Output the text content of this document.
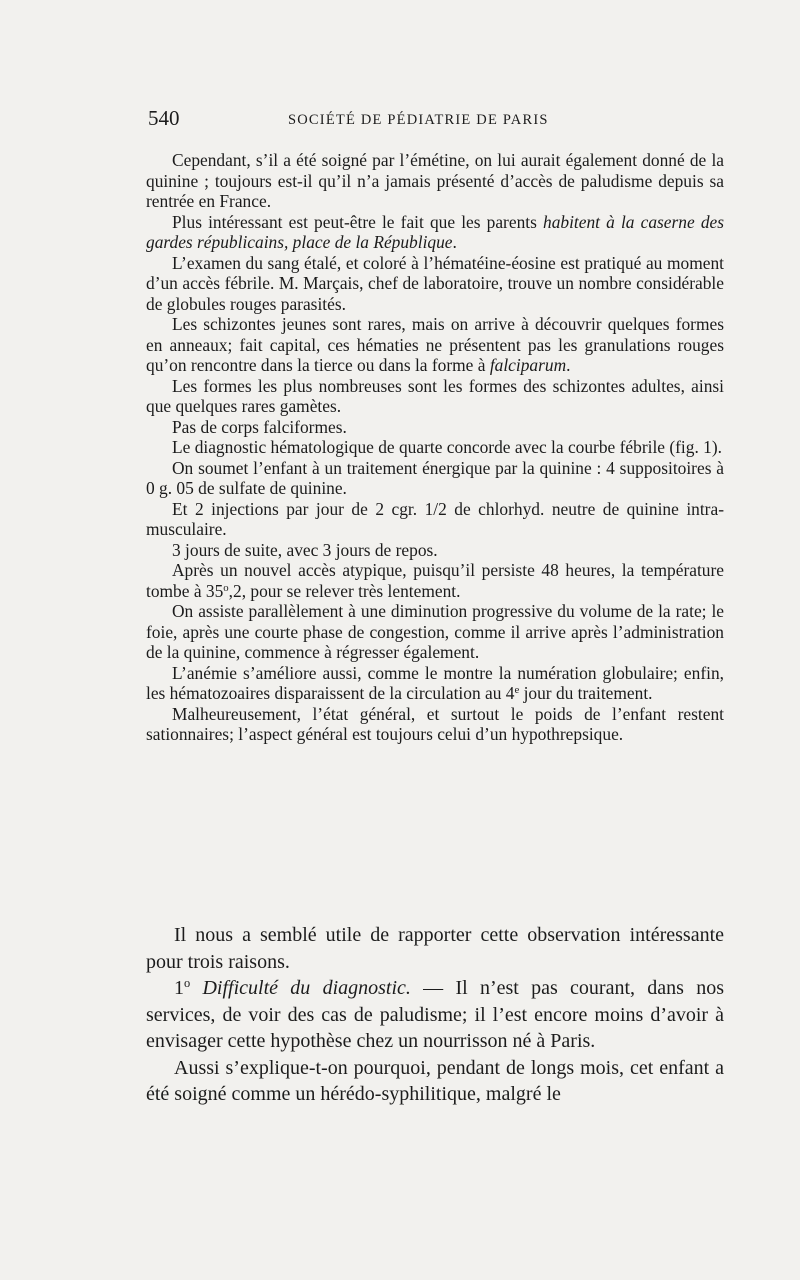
540	SOCIÉTÉ DE PÉDIATRIE DE PARIS

Cependant, s’il a été soigné par l’émétine, on lui aurait également donné de la quinine ; toujours est-il qu’il n’a jamais présenté d’accès de paludisme depuis sa rentrée en France.

Plus intéressant est peut-être le fait que les parents habitent à la caserne des gardes républicains, place de la République.

L’examen du sang étalé, et coloré à l’hématéine-éosine est pratiqué au moment d’un accès fébrile. M. Marçais, chef de laboratoire, trouve un nombre considérable de globules rouges parasités.

Les schizontes jeunes sont rares, mais on arrive à découvrir quelques formes en anneaux; fait capital, ces hématies ne présentent pas les granulations rouges qu’on rencontre dans la tierce ou dans la forme à falciparum.

Les formes les plus nombreuses sont les formes des schizontes adultes, ainsi que quelques rares gamètes.

Pas de corps falciformes.

Le diagnostic hématologique de quarte concorde avec la courbe fébrile (fig. 1).

On soumet l’enfant à un traitement énergique par la quinine : 4 suppositoires à 0 g. 05 de sulfate de quinine.

Et 2 injections par jour de 2 cgr. 1/2 de chlorhyd. neutre de quinine intra-musculaire.

3 jours de suite, avec 3 jours de repos.

Après un nouvel accès atypique, puisqu’il persiste 48 heures, la température tombe à 35$^o$,2, pour se relever très lentement.

On assiste parallèlement à une diminution progressive du volume de la rate; le foie, après une courte phase de congestion, comme il arrive après l’administration de la quinine, commence à régresser également.

L’anémie s’améliore aussi, comme le montre la numération globulaire; enfin, les hématozoaires disparaissent de la circulation au 4e jour du traitement.

Malheureusement, l’état général, et surtout le poids de l’enfant restent sationnaires; l’aspect général est toujours celui d’un hypothrepsique.

Il nous a semblé utile de rapporter cette observation intéressante pour trois raisons.

1$^o$ Difficulté du diagnostic. — Il n’est pas courant, dans nos services, de voir des cas de paludisme; il l’est encore moins d’avoir à envisager cette hypothèse chez un nourrisson né à Paris.

Aussi s’explique-t-on pourquoi, pendant de longs mois, cet enfant a été soigné comme un hérédo-syphilitique, malgré le
